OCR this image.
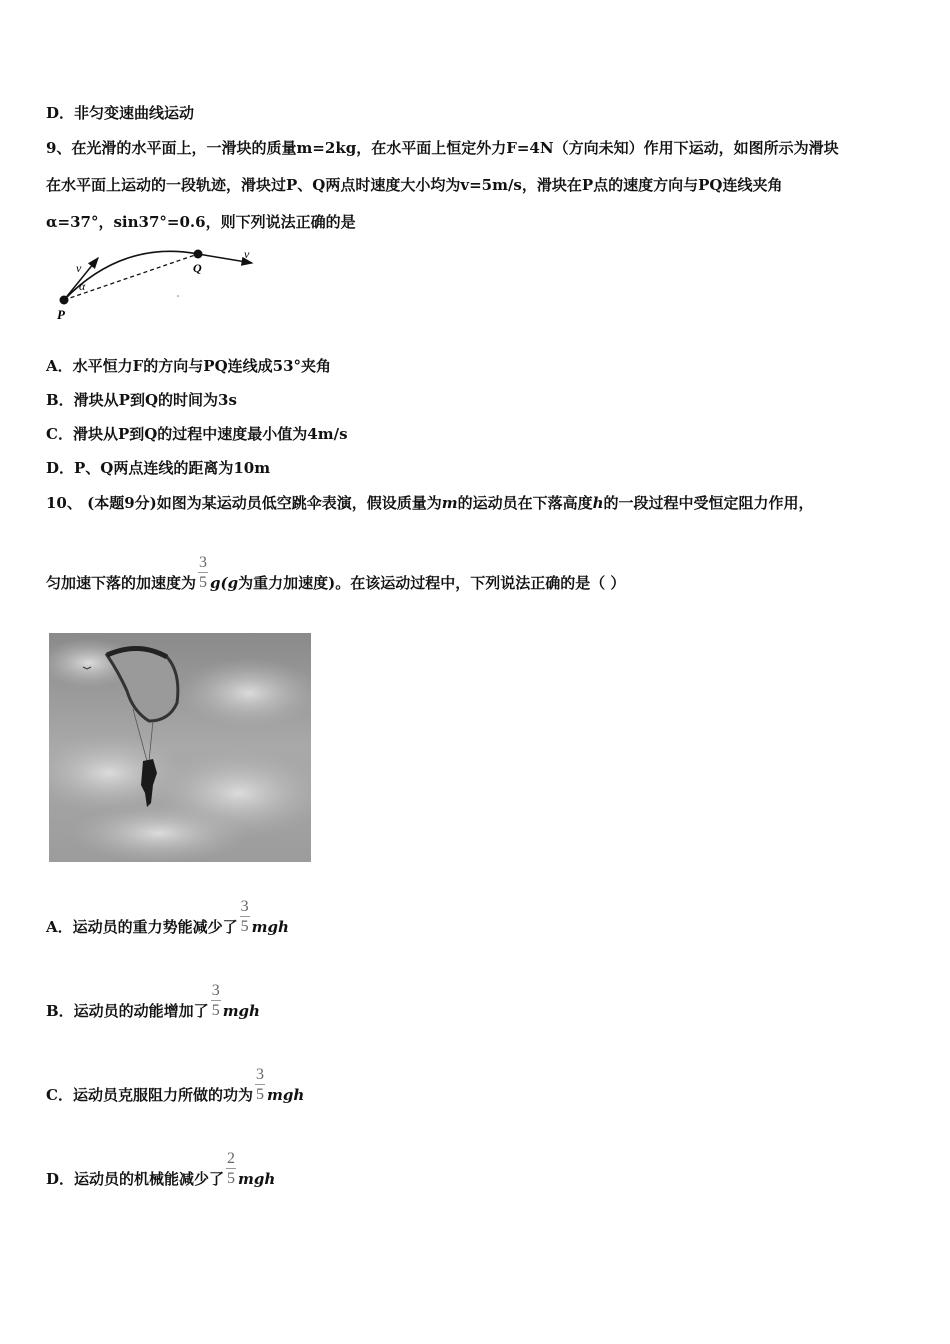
D．非匀变速曲线运动
9、在光滑的水平面上，一滑块的质量m=2kg，在水平面上恒定外力F=4N（方向未知）作用下运动，如图所示为滑块
在水平面上运动的一段轨迹，滑块过P、Q两点时速度大小均为v=5m/s，滑块在P点的速度方向与PQ连线夹角
α=37°，sin37°=0.6，则下列说法正确的是
P
Q
v
v
α
A．水平恒力F的方向与PQ连线成53°夹角
B．滑块从P到Q的时间为3s
C．滑块从P到Q的过程中速度最小值为4m/s
D．P、Q两点连线的距离为10m
10、 (本题9分)如图为某运动员低空跳伞表演，假设质量为m的运动员在下落高度h的一段过程中受恒定阻力作用，
匀加速下落的加速度为 $\frac{3}{5} g(g$ 为重力加速度)。在该运动过程中，下列说法正确的是（ ）
A．运动员的重力势能减少了 $\frac{3}{5}$ mgh
B．运动员的动能增加了 $\frac{3}{5}$ mgh
C．运动员克服阻力所做的功为 $\frac{3}{5}$ mgh
D．运动员的机械能减少了 $\frac{2}{5}$ mgh
